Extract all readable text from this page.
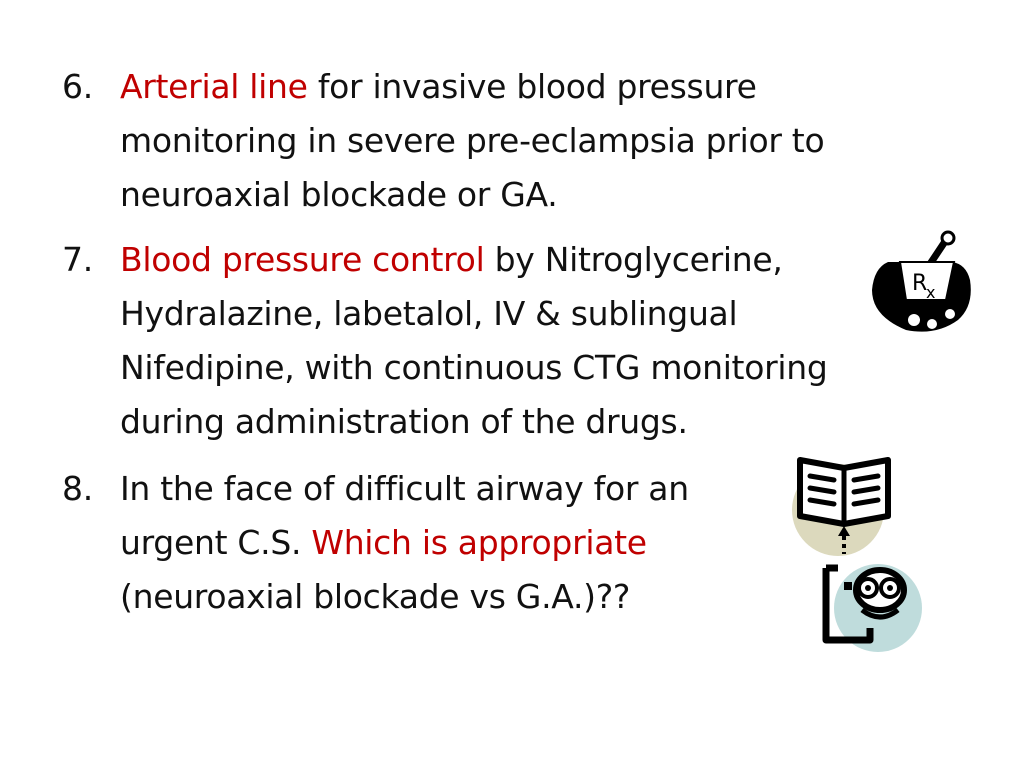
6. Arterial line for invasive blood pressure
monitoring in severe pre-eclampsia prior to
neuroaxial blockade or GA.
7. Blood pressure control by Nitroglycerine,
Hydralazine, labetalol, IV & sublingual
Nifedipine, with continuous CTG monitoring
during administration of the drugs.
8. In the face of difficult airway for an
urgent C.S. Which is appropriate
(neuroaxial blockade vs G.A.)??
R
x
